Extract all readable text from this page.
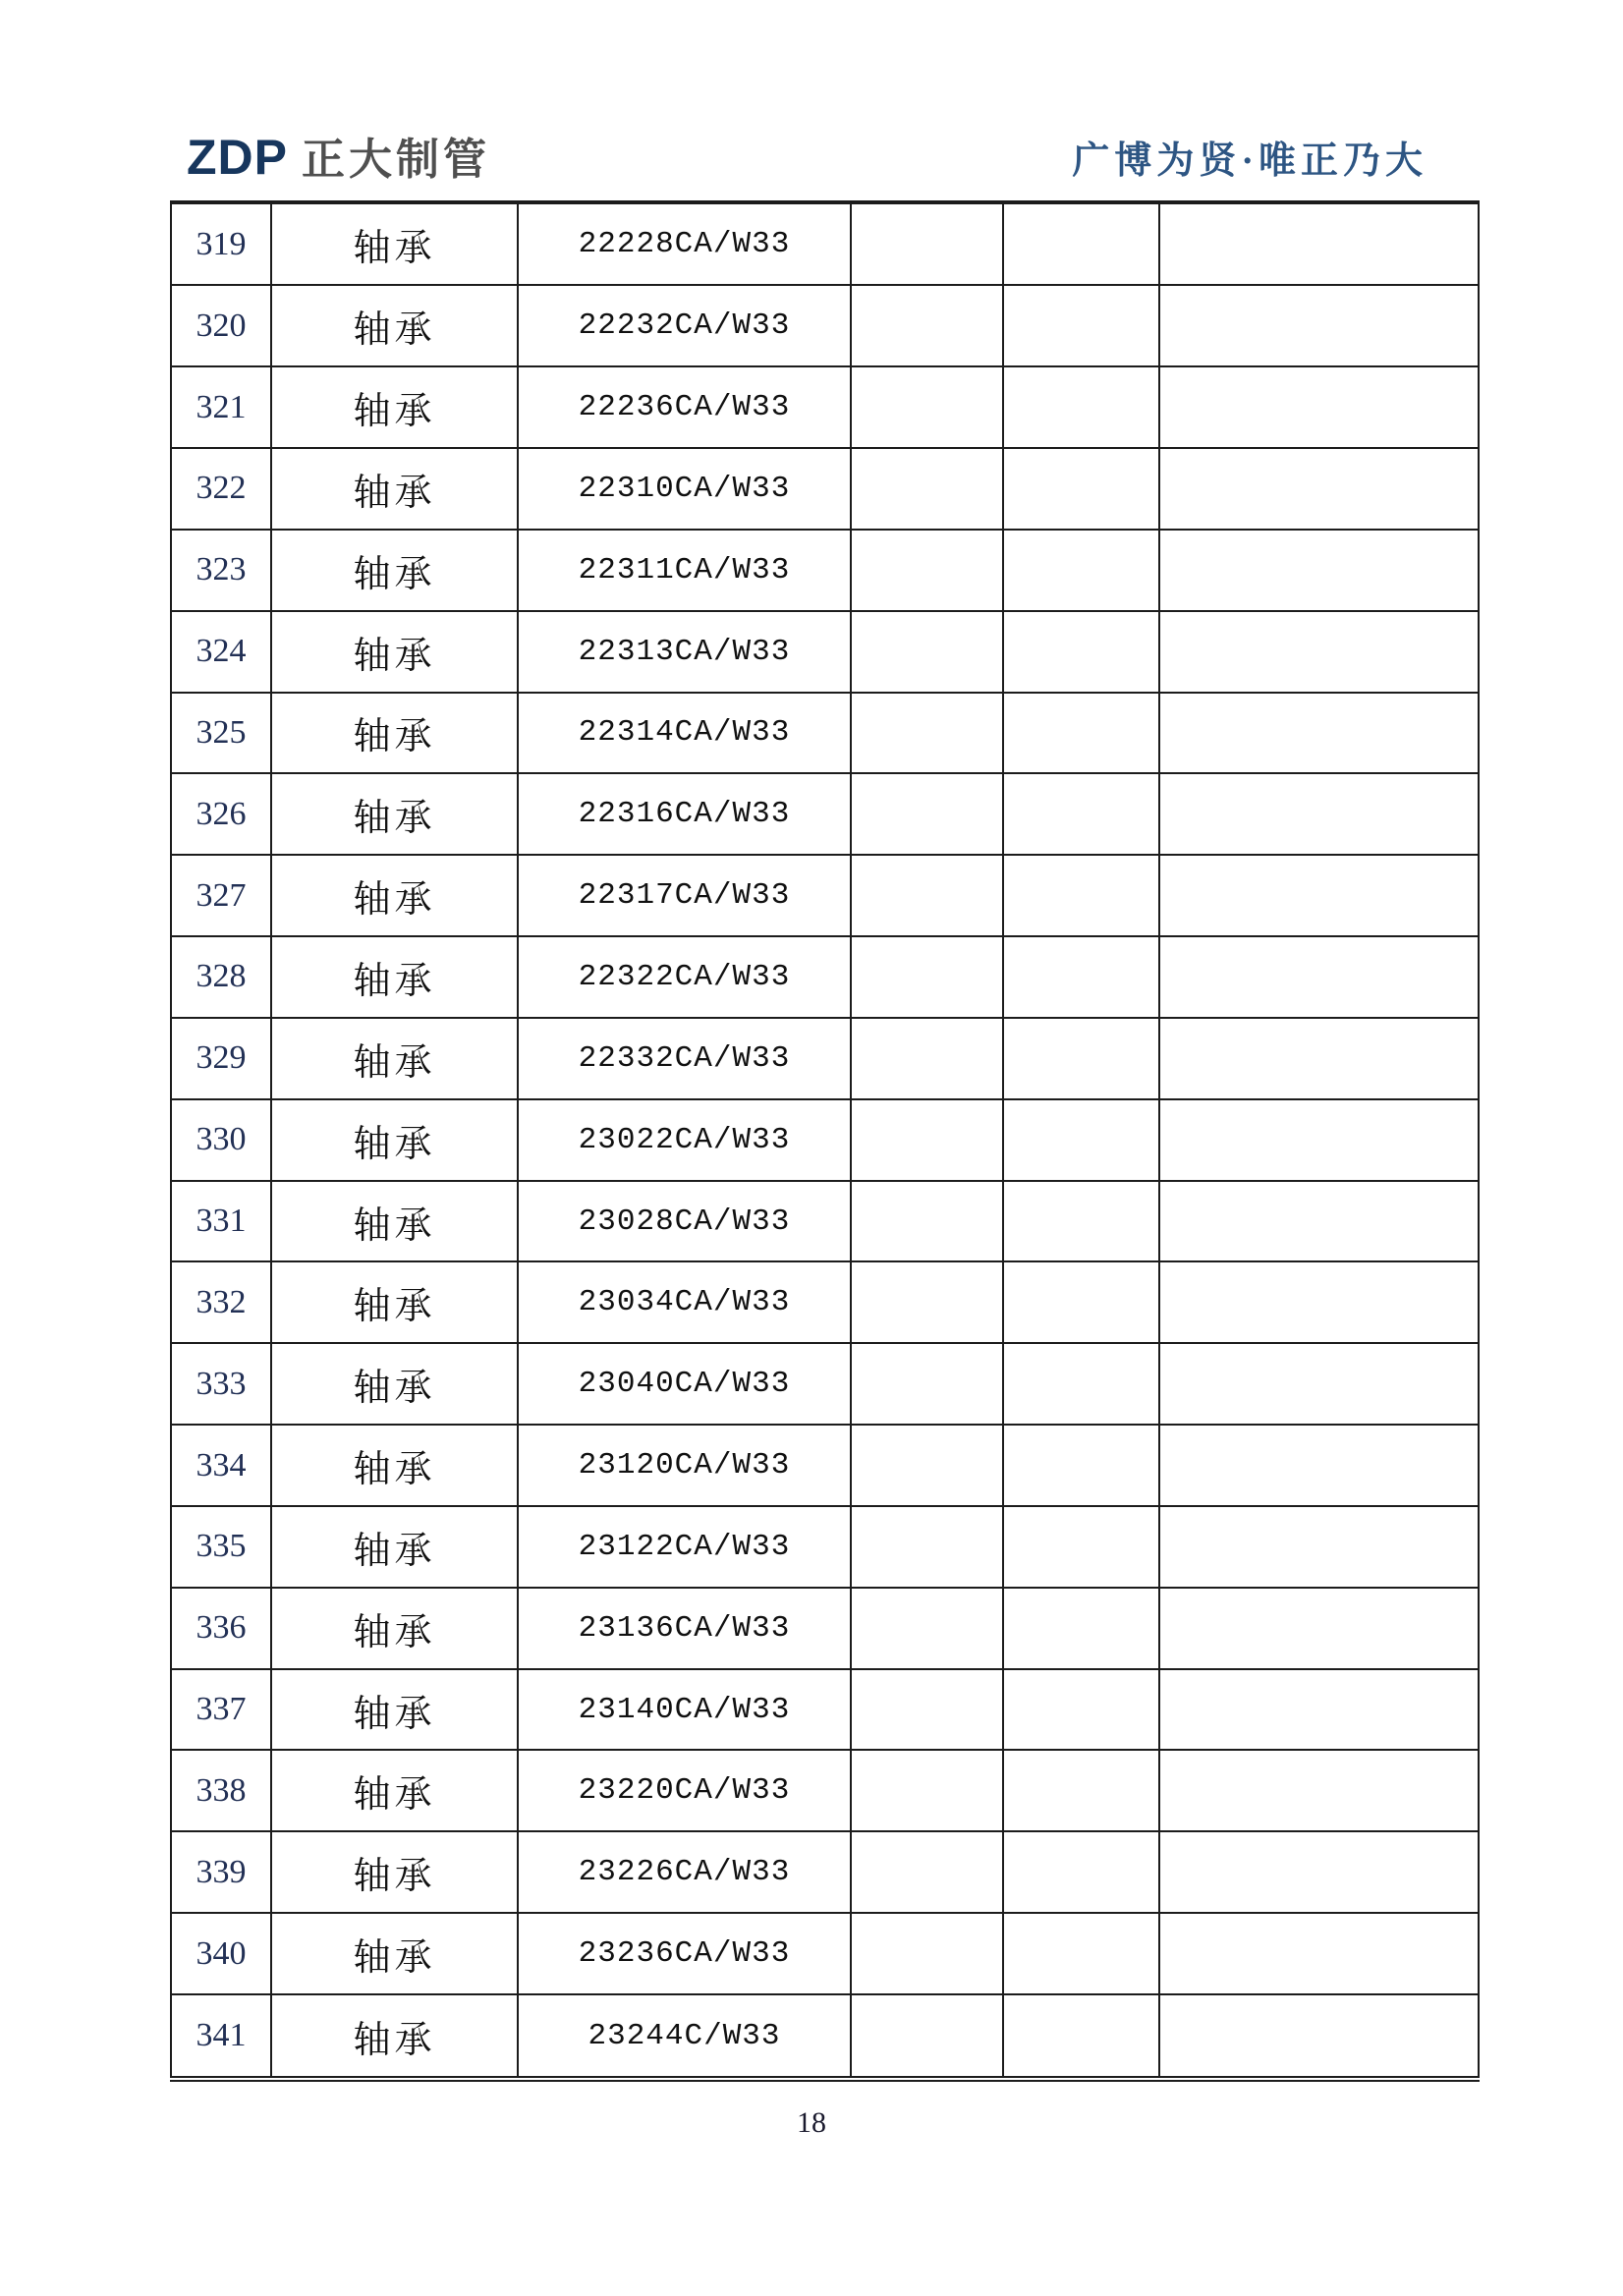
ZDP 正大制管	广博为贤·唯正乃大
319	轴承	22228CA/W33			
320	轴承	22232CA/W33			
321	轴承	22236CA/W33			
322	轴承	22310CA/W33			
323	轴承	22311CA/W33			
324	轴承	22313CA/W33			
325	轴承	22314CA/W33			
326	轴承	22316CA/W33			
327	轴承	22317CA/W33			
328	轴承	22322CA/W33			
329	轴承	22332CA/W33			
330	轴承	23022CA/W33			
331	轴承	23028CA/W33			
332	轴承	23034CA/W33			
333	轴承	23040CA/W33			
334	轴承	23120CA/W33			
335	轴承	23122CA/W33			
336	轴承	23136CA/W33			
337	轴承	23140CA/W33			
338	轴承	23220CA/W33			
339	轴承	23226CA/W33			
340	轴承	23236CA/W33			
341	轴承	23244C/W33			
18
